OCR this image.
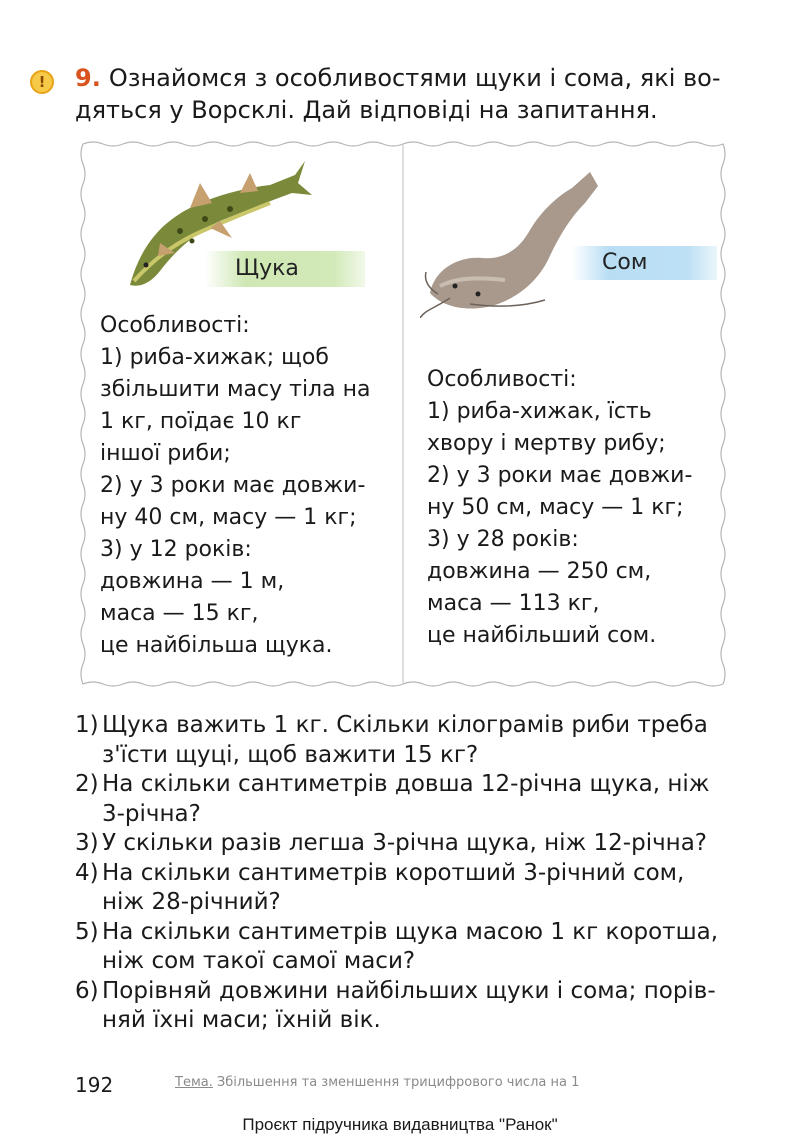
!	9. Ознайомся з особливостями щуки і сома, які во-
дяться у Ворсклі. Дай відповіді на запитання.
Щука	Сом
Особливості:
1) риба-хижак; щоб
збільшити масу тіла на
1 кг, поїдає 10 кг
іншої риби;
2) у 3 роки має довжи-
ну 40 см, масу — 1 кг;
3) у 12 років:
довжина — 1 м,
маса — 15 кг,
це найбільша щука.
Особливості:
1) риба-хижак, їсть
хвору і мертву рибу;
2) у 3 роки має довжи-
ну 50 см, масу — 1 кг;
3) у 28 років:
довжина — 250 см,
маса — 113 кг,
це найбільший сом.
1) Щука важить 1 кг. Скільки кілограмів риби треба
з'їсти щуці, щоб важити 15 кг?
2) На скільки сантиметрів довша 12-річна щука, ніж
3-річна?
3) У скільки разів легша 3-річна щука, ніж 12-річна?
4) На скільки сантиметрів коротший 3-річний сом,
ніж 28-річний?
5) На скільки сантиметрів щука масою 1 кг коротша,
ніж сом такої самої маси?
6) Порівняй довжини найбільших щуки і сома; порів-
няй їхні маси; їхній вік.
192	Тема. Збільшення та зменшення трицифрового числа на 1
Проєкт підручника видавництва "Ранок"
